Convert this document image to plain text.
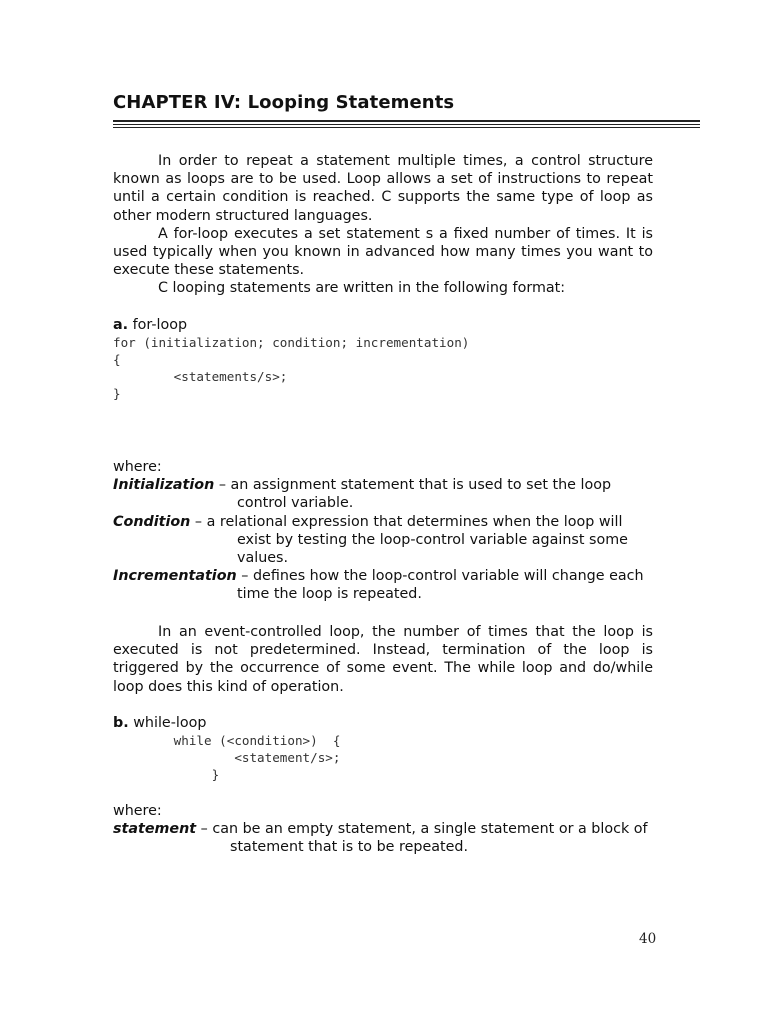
CHAPTER IV: Looping Statements

In order to repeat a statement multiple times, a control structure known as loops are to be used. Loop allows a set of instructions to repeat until a certain condition is reached. C supports the same type of loop as other modern structured languages.

A for-loop executes a set statement s a fixed number of times. It is used typically when you known in advanced how many times you want to execute these statements.

C looping statements are written in the following format:

a. for-loop

for (initialization; condition; incrementation)
{
<statements/s>;
}

where:

Initialization – an assignment statement that is used to set the loop control variable.

Condition – a relational expression that determines when the loop will exist by testing the loop-control variable against some values.

Incrementation – defines how the loop-control variable will change each time the loop is repeated.

In an event-controlled loop, the number of times that the loop is executed is not predetermined. Instead, termination of the loop is triggered by the occurrence of some event. The while loop and do/while loop does this kind of operation.

b. while-loop

while (<condition>)  {
<statement/s>;
}

where:

statement – can be an empty statement, a single statement or a block of statement that is to be repeated.

40
